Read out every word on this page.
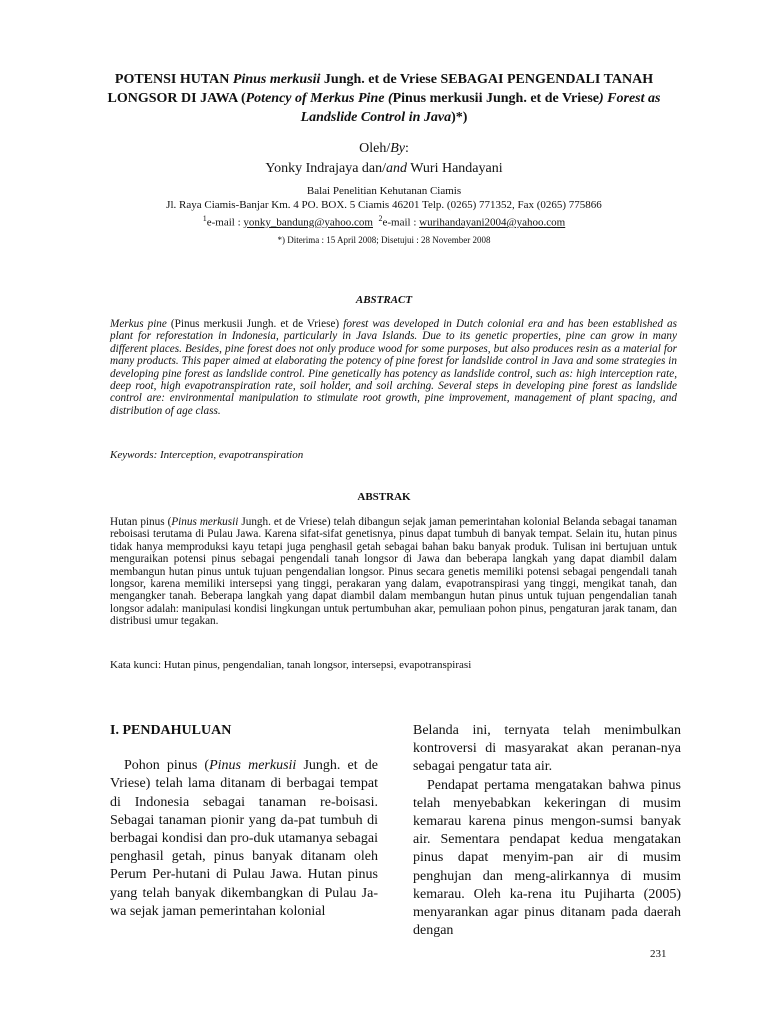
POTENSI HUTAN Pinus merkusii Jungh. et de Vriese SEBAGAI PENGENDALI TANAH LONGSOR DI JAWA (Potency of Merkus Pine (Pinus merkusii Jungh. et de Vriese) Forest as Landslide Control in Java)*)
Oleh/By:
Yonky Indrajaya dan/and Wuri Handayani
Balai Penelitian Kehutanan Ciamis
Jl. Raya Ciamis-Banjar Km. 4 PO. BOX. 5 Ciamis 46201 Telp. (0265) 771352, Fax (0265) 775866
$^1$e-mail : yonky_bandung@yahoo.com $^2$e-mail : wurihandayani2004@yahoo.com
*) Diterima : 15 April 2008; Disetujui : 28 November 2008
ABSTRACT
Merkus pine (Pinus merkusii Jungh. et de Vriese) forest was developed in Dutch colonial era and has been established as plant for reforestation in Indonesia, particularly in Java Islands. Due to its genetic properties, pine can grow in many different places. Besides, pine forest does not only produce wood for some purposes, but also produces resin as a material for many products. This paper aimed at elaborating the potency of pine forest for landslide control in Java and some strategies in developing pine forest as landslide control. Pine genetically has potency as landslide control, such as: high interception rate, deep root, high evapotranspiration rate, soil holder, and soil arching. Several steps in developing pine forest as landslide control are: environmental manipulation to stimulate root growth, pine improvement, management of plant spacing, and distribution of age class.
Keywords: Interception, evapotranspiration
ABSTRAK
Hutan pinus (Pinus merkusii Jungh. et de Vriese) telah dibangun sejak jaman pemerintahan kolonial Belanda sebagai tanaman reboisasi terutama di Pulau Jawa. Karena sifat-sifat genetisnya, pinus dapat tumbuh di banyak tempat. Selain itu, hutan pinus tidak hanya memproduksi kayu tetapi juga penghasil getah sebagai bahan baku banyak produk. Tulisan ini bertujuan untuk menguraikan potensi pinus sebagai pengendali tanah longsor di Jawa dan beberapa langkah yang dapat diambil dalam membangun hutan pinus untuk tujuan pengendalian longsor. Pinus secara genetis memiliki potensi sebagai pengendali tanah longsor, karena memiliki intersepsi yang tinggi, perakaran yang dalam, evapotranspirasi yang tinggi, mengikat tanah, dan mengangker tanah. Beberapa langkah yang dapat diambil dalam membangun hutan pinus untuk tujuan pengendalian tanah longsor adalah: manipulasi kondisi lingkungan untuk pertumbuhan akar, pemuliaan pohon pinus, pengaturan jarak tanam, dan distribusi umur tegakan.
Kata kunci: Hutan pinus, pengendalian, tanah longsor, intersepsi, evapotranspirasi
I. PENDAHULUAN

Pohon pinus (Pinus merkusii Jungh. et de Vriese) telah lama ditanam di berbagai tempat di Indonesia sebagai tanaman re-boisasi. Sebagai tanaman pionir yang da-pat tumbuh di berbagai kondisi dan pro-duk utamanya sebagai penghasil getah, pinus banyak ditanam oleh Perum Per-hutani di Pulau Jawa. Hutan pinus yang telah banyak dikembangkan di Pulau Ja-wa sejak jaman pemerintahan kolonial

Belanda ini, ternyata telah menimbulkan kontroversi di masyarakat akan peranan-nya sebagai pengatur tata air.

Pendapat pertama mengatakan bahwa pinus telah menyebabkan kekeringan di musim kemarau karena pinus mengon-sumsi banyak air. Sementara pendapat kedua mengatakan pinus dapat menyim-pan air di musim penghujan dan meng-alirkannya di musim kemarau. Oleh ka-rena itu Pujiharta (2005) menyarankan agar pinus ditanam pada daerah dengan

231
